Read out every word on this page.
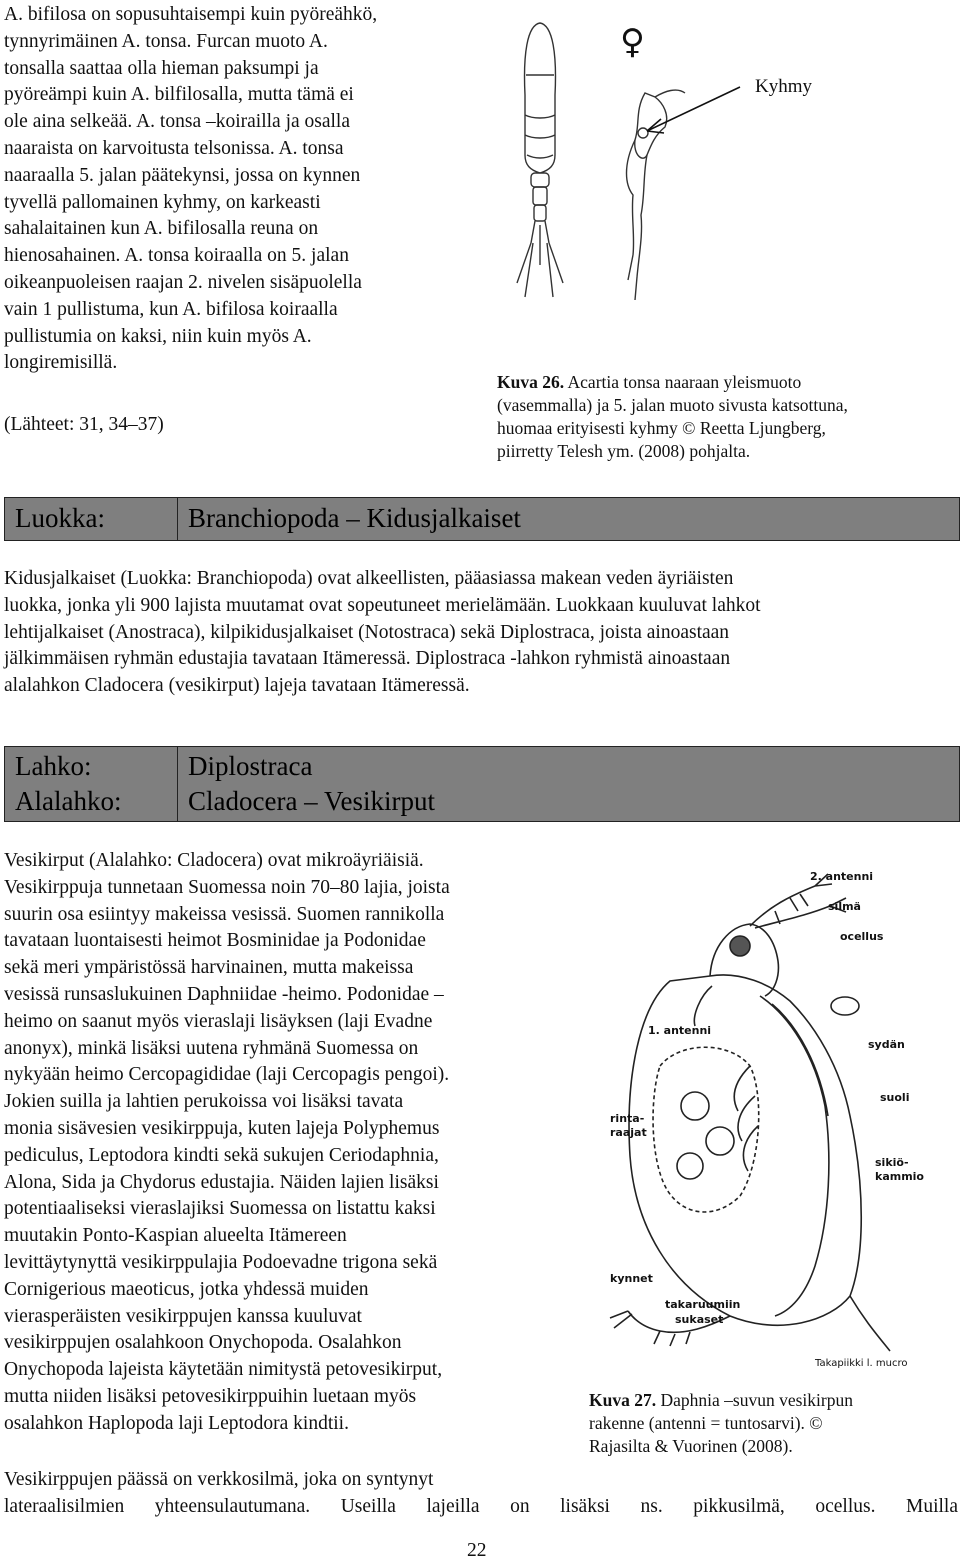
A. bifilosa on sopusuhtaisempi kuin pyöreähkö,

tynnyrimäinen A. tonsa. Furcan muoto A.

tonsalla saattaa olla hieman paksumpi ja

pyöreämpi kuin A. bilfilosalla, mutta tämä ei

ole aina selkeää. A. tonsa –koirailla ja osalla

naaraista on karvoitusta telsonissa. A. tonsa

naaraalla 5. jalan päätekynsi, jossa on kynnen

tyvellä pallomainen kyhmy, on karkeasti

sahalaitainen kun A. bifilosalla reuna on

hienosahainen. A. tonsa koiraalla on 5. jalan

oikeanpuoleisen raajan 2. nivelen sisäpuolella

vain 1 pullistuma, kun A. bifilosa koiraalla

pullistumia on kaksi, niin kuin myös A.

longiremisillä.

(Lähteet: 31, 34–37)
♀
Kyhmy
Kuva 26. Acartia tonsa naaraan yleismuoto
(vasemmalla) ja 5. jalan muoto sivusta katsottuna,
huomaa erityisesti kyhmy © Reetta Ljungberg,
piirretty Telesh ym. (2008) pohjalta.
Luokka:	Branchiopoda – Kidusjalkaiset

Kidusjalkaiset (Luokka: Branchiopoda) ovat alkeellisten, pääasiassa makean veden äyriäisten

luokka, jonka yli 900 lajista muutamat ovat sopeutuneet merielämään. Luokkaan kuuluvat lahkot

lehtijalkaiset (Anostraca), kilpikidusjalkaiset (Notostraca) sekä Diplostraca, joista ainoastaan

jälkimmäisen ryhmän edustajia tavataan Itämeressä. Diplostraca -lahkon ryhmistä ainoastaan

alalahkon Cladocera (vesikirput) lajeja tavataan Itämeressä.

Lahko:	Diplostraca
Alalahko: Cladocera – Vesikirput

Vesikirput (Alalahko: Cladocera) ovat mikroäyriäisiä.

Vesikirppuja tunnetaan Suomessa noin 70–80 lajia, joista

suurin osa esiintyy makeissa vesissä. Suomen rannikolla

tavataan luontaisesti heimot Bosminidae ja Podonidae

sekä meri ympäristössä harvinainen, mutta makeissa

vesissä runsaslukuinen Daphniidae -heimo. Podonidae –

heimo on saanut myös vieraslaji lisäyksen (laji Evadne

anonyx), minkä lisäksi uutena ryhmänä Suomessa on

nykyään heimo Cercopagididae (laji Cercopagis pengoi).

Jokien suilla ja lahtien perukoissa voi lisäksi tavata

monia sisävesien vesikirppuja, kuten lajeja Polyphemus

pediculus, Leptodora kindti sekä sukujen Ceriodaphnia,

Alona, Sida ja Chydorus edustajia. Näiden lajien lisäksi

potentiaaliseksi vieraslajiksi Suomessa on listattu kaksi

muutakin Ponto-Kaspian alueelta Itämereen

levittäytynyttä vesikirppulajia Podoevadne trigona sekä

Cornigerious maeoticus, jotka yhdessä muiden

vierasperäisten vesikirppujen kanssa kuuluvat

vesikirppujen osalahkoon Onychopoda. Osalahkon

Onychopoda lajeista käytetään nimitystä petovesikirput,

mutta niiden lisäksi petovesikirppuihin luetaan myös

osalahkon Haplopoda laji Leptodora kindtii.

2. antenni
silmä
ocellus
1. antenni
sydän
rinta-
raajat
suoli
sikiö-
kammio
kynnet
takaruumiin
sukaset
Takapiikki l. mucro
Kuva 27. Daphnia –suvun vesikirpun
rakenne (antenni = tuntosarvi). ©
Rajasilta & Vuorinen (2008).
Vesikirppujen päässä on verkkosilmä, joka on syntynyt
lateraalisilmien yhteensulautumana. Useilla lajeilla on lisäksi ns. pikkusilmä, ocellus. Muilla
22
